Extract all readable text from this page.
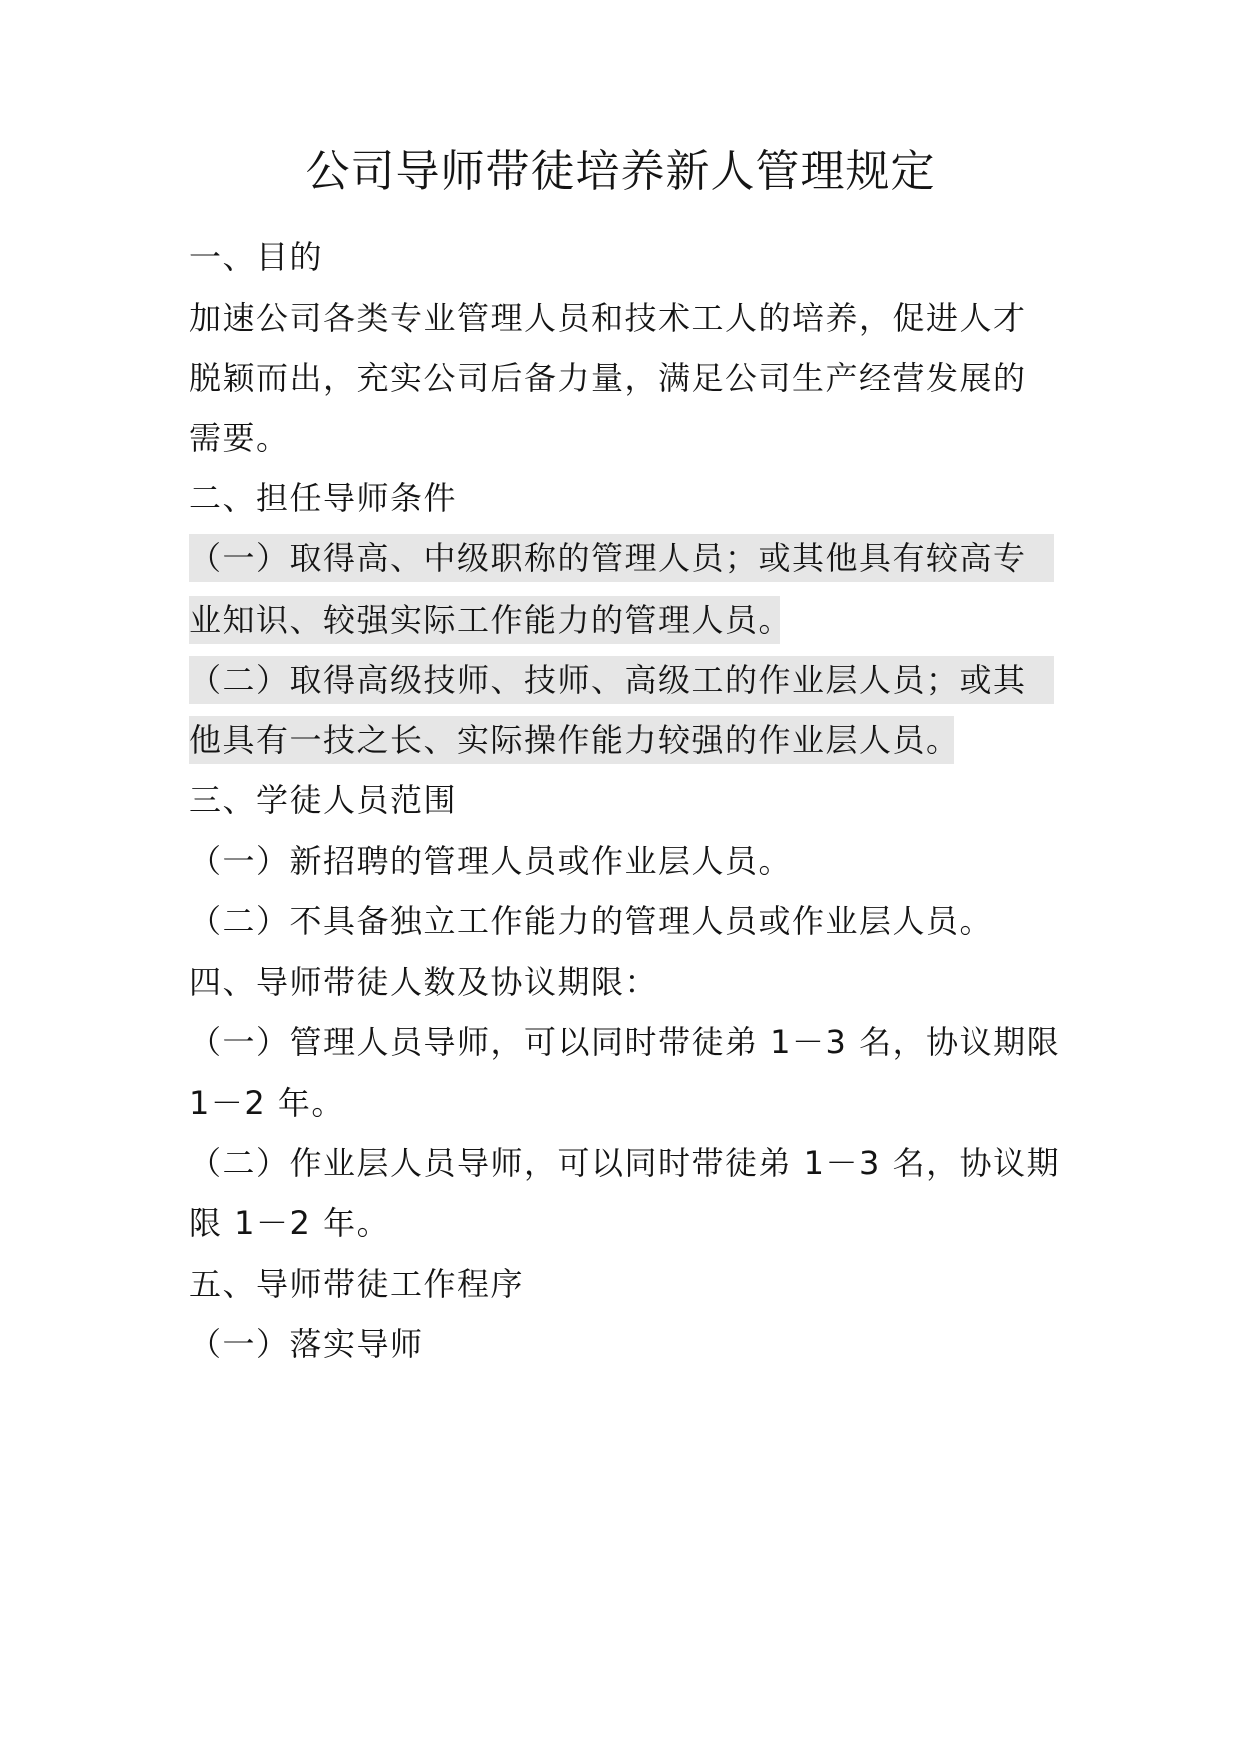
公司导师带徒培养新人管理规定
一、目的
加速公司各类专业管理人员和技术工人的培养，促进人才
脱颖而出，充实公司后备力量，满足公司生产经营发展的
需要。
二、担任导师条件
（一）取得高、中级职称的管理人员；或其他具有较高专
业知识、较强实际工作能力的管理人员。
（二）取得高级技师、技师、高级工的作业层人员；或其
他具有一技之长、实际操作能力较强的作业层人员。
三、学徒人员范围
（一）新招聘的管理人员或作业层人员。
（二）不具备独立工作能力的管理人员或作业层人员。
四、导师带徒人数及协议期限：
（一）管理人员导师，可以同时带徒弟 1－3 名，协议期限
1－2 年。
（二）作业层人员导师，可以同时带徒弟 1－3 名，协议期
限 1－2 年。
五、导师带徒工作程序
（一）落实导师
